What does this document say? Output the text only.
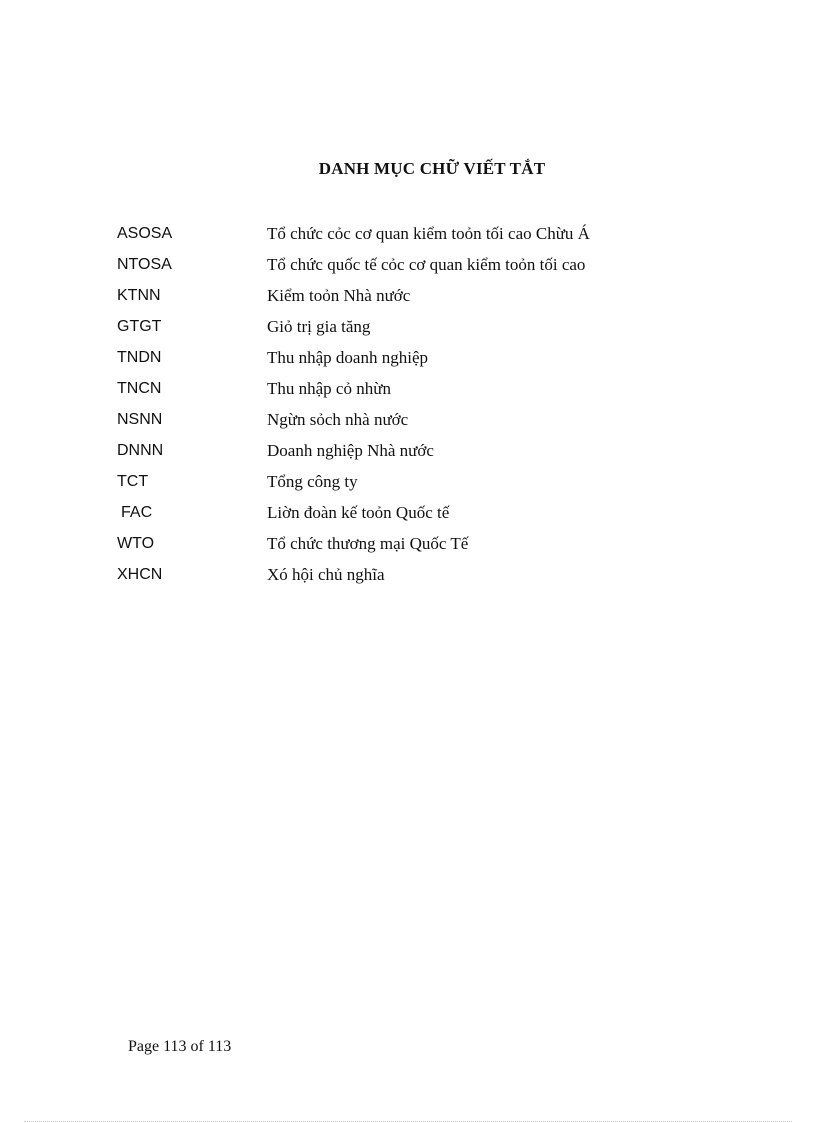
DANH MỤC CHỮ VIẾT TẮT
ASOSA	Tổ chức cỏc cơ quan kiểm toỏn tối cao Chừu Á
NTOSA	Tổ chức quốc tế cỏc cơ quan kiểm toỏn tối cao
KTNN	Kiểm toỏn Nhà nước
GTGT	Giỏ trị gia tăng
TNDN	Thu nhập doanh nghiệp
TNCN	Thu nhập cỏ nhừn
NSNN	Ngừn sỏch nhà nước
DNNN	Doanh nghiệp Nhà nước
TCT	Tổng công ty
FAC	Liờn đoàn kế toỏn Quốc tế
WTO	Tổ chức thương mại Quốc Tế
XHCN	Xó hội chủ nghĩa
Page 113 of 113
